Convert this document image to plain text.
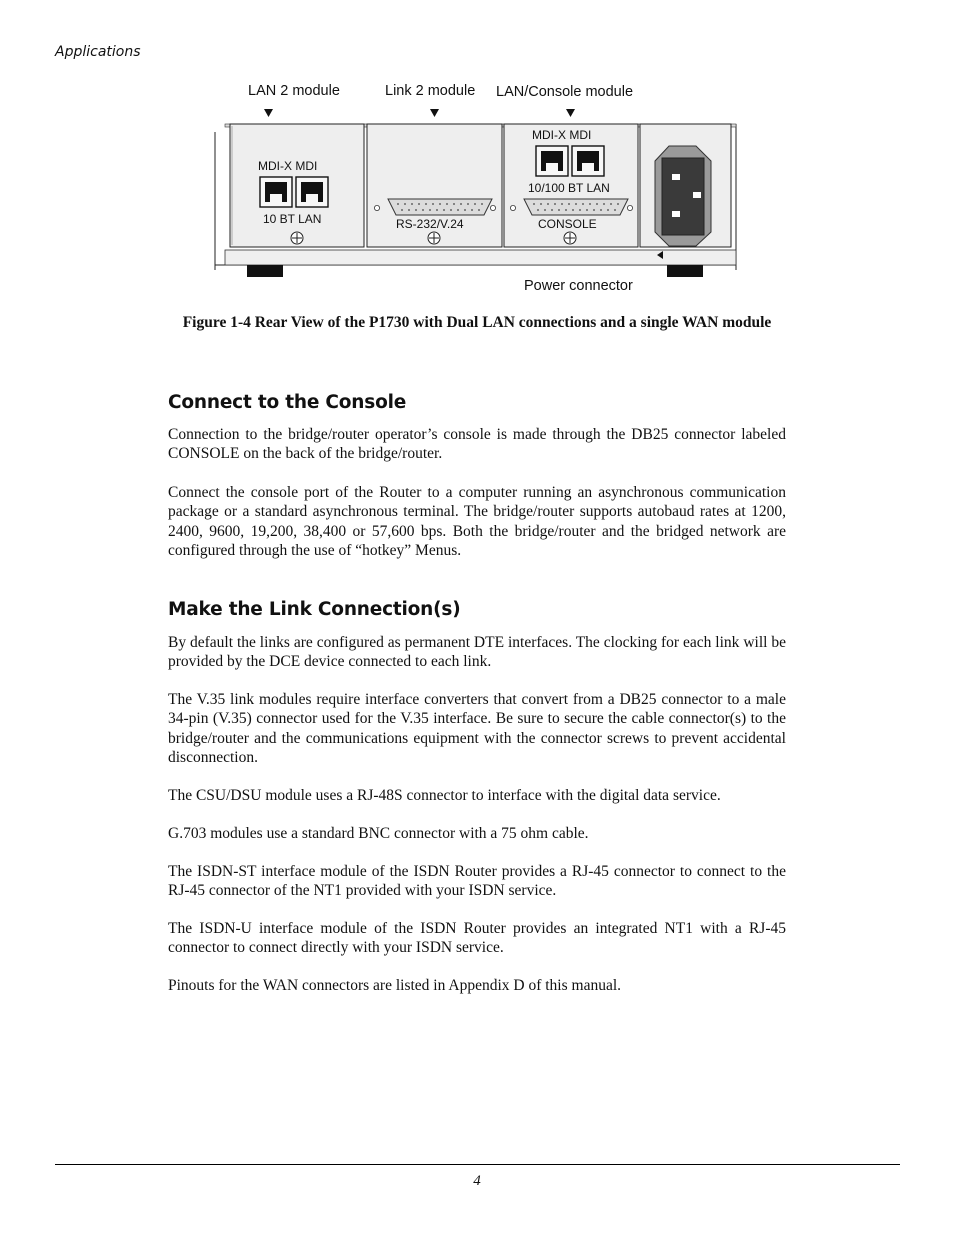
Applications
LAN 2 module	Link 2 module LAN/Console module
MDI-X MDI
10 BT LAN	RS-232/V.24
MDI-X MDI
10/100 BT LAN
CONSOLE
Power connector
Figure 1-4 Rear View of the P1730 with Dual LAN connections and a single WAN module
Connect to the Console

Connection to the bridge/router operator’s console is made through the DB25 connector labeled CONSOLE on the back of the bridge/router.

Connect the console port of the Router to a computer running an asynchronous communication package or a standard asynchronous terminal. The bridge/router supports autobaud rates at 1200, 2400, 9600, 19,200, 38,400 or 57,600 bps. Both the bridge/router and the bridged network are configured through the use of “hotkey” Menus.

Make the Link Connection(s)

By default the links are configured as permanent DTE interfaces. The clocking for each link will be provided by the DCE device connected to each link.

The V.35 link modules require interface converters that convert from a DB25 connector to a male 34-pin (V.35) connector used for the V.35 interface. Be sure to secure the cable connector(s) to the bridge/router and the communications equipment with the connector screws to prevent accidental disconnection.

The CSU/DSU module uses a RJ-48S connector to interface with the digital data service.

G.703 modules use a standard BNC connector with a 75 ohm cable.

The ISDN-ST interface module of the ISDN Router provides a RJ-45 connector to connect to the RJ-45 connector of the NT1 provided with your ISDN service.

The ISDN-U interface module of the ISDN Router provides an integrated NT1 with a RJ-45 connector to connect directly with your ISDN service.

Pinouts for the WAN connectors are listed in Appendix D of this manual.

4
